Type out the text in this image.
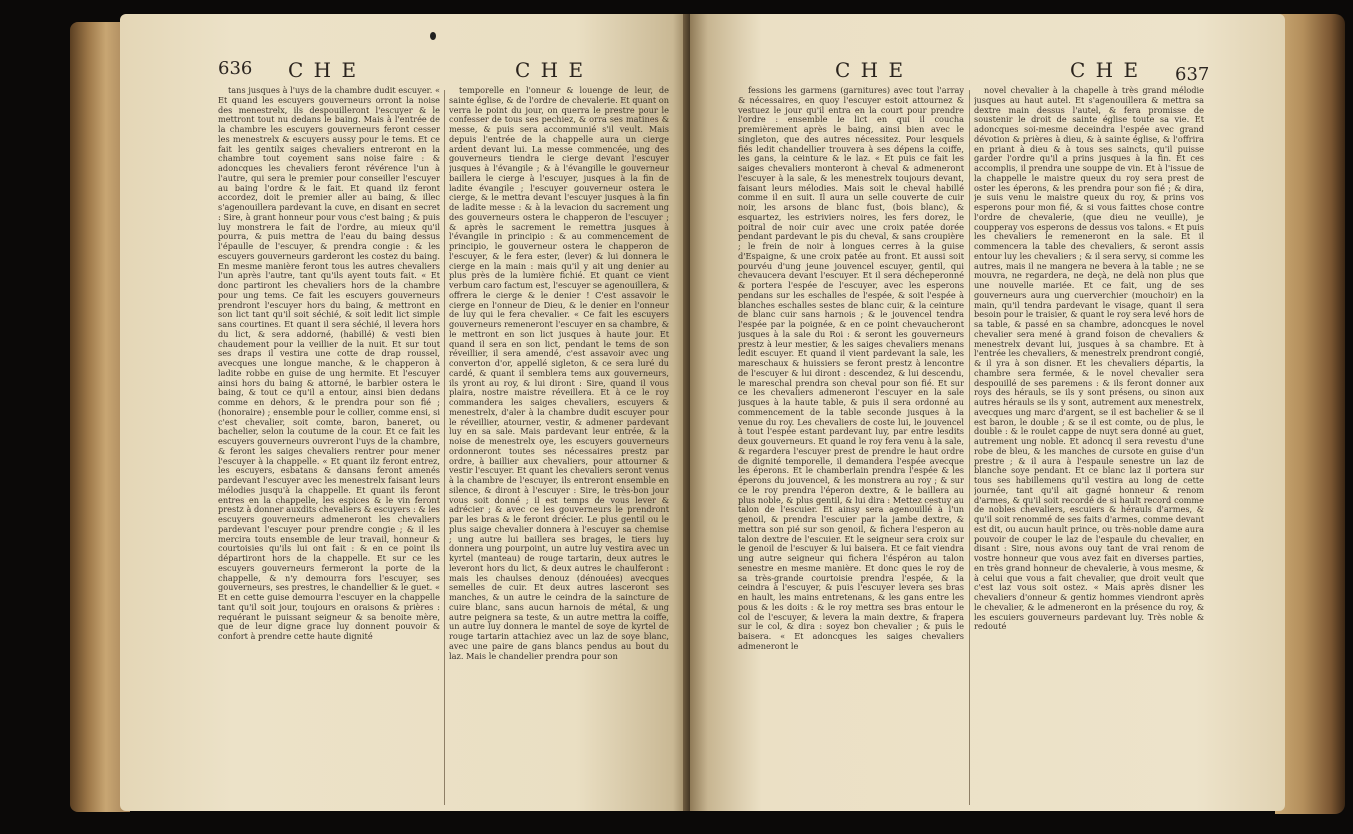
636 C H E	C H E

tans jusques à l'uys de la chambre dudit escuyer. « Et quand les escuyers gouverneurs orront la noise des menestrelx, ils despouilleront l'escuyer & le mettront tout nu dedans le baing. Mais à l'entrée de la chambre les escuyers gouverneurs feront cesser les menestrelx & escuyers aussy pour le tems. Et ce fait les gentilx saiges chevaliers entreront en la chambre tout coyement sans noise faire : & adoncques les chevaliers feront révérence l'un à l'autre, qui sera le premier pour conseiller l'escuyer au baing l'ordre & le fait. Et quand ilz feront accordez, doit le premier aller au baing, & illec s'agenouillera pardevant la cuve, en disant en secret : Sire, à grant honneur pour vous c'est baing ; & puis luy monstrera le fait de l'ordre, au mieux qu'il pourra, & puis mettra de l'eau du baing dessus l'épaulle de l'escuyer, & prendra congie : & les escuyers gouverneurs garderont les costez du baing. En mesme manière feront tous les autres chevaliers l'un après l'autre, tant qu'ils ayent touts fait. « Et donc partiront les chevaliers hors de la chambre pour ung tems. Ce fait les escuyers gouverneurs prendront l'escuyer hors du baing, & mettront en son lict tant qu'il soit séchié, & soit ledit lict simple sans courtines. Et quant il sera séchié, il levera hors du lict, & sera addorné, (habillé) & vesti bien chaudement pour la veillier de la nuit. Et sur tout ses draps il vestira une cotte de drap roussel, avecques une longue manche, & le chapperon à ladite robbe en guise de ung hermite. Et l'escuyer ainsi hors du baing & attorné, le barbier ostera le baing, & tout ce qu'il a entour, ainsi bien dedans comme en dehors, & le prendra pour son fié ; (honoraire) ; ensemble pour le collier, comme ensi, si c'est chevalier, soit comte, baron, baneret, ou bachelier, selon la coutume de la cour. Et ce fait les escuyers gouverneurs ouvreront l'uys de la chambre, & feront les saiges chevaliers rentrer pour mener l'escuyer à la chappelle. « Et quant ilz feront entrez, les escuyers, esbatans & dansans feront amenés pardevant l'escuyer avec les menestrelx faisant leurs mélodies jusqu'à la chappelle. Et quant ils feront entres en la chappelle, les espices & le vin feront prestz à donner auxdits chevaliers & escuyers : & les escuyers gouverneurs admeneront les chevaliers pardevant l'escuyer pour prendre congie ; & il les mercira touts ensemble de leur travail, honneur & courtoisies qu'ils lui ont fait : & en ce point ils départiront hors de la chappelle. Et sur ce les escuyers gouverneurs fermeront la porte de la chappelle, & n'y demourra fors l'escuyer, ses gouverneurs, ses prestres, le chandellier & le guet. « Et en cette guise demourra l'escuyer en la chappelle tant qu'il soit jour, toujours en oraisons & prières : requérant le puissant seigneur & sa benoite mère, que de leur digne grace luy donnent pouvoir & confort à prendre cette haute dignité

temporelle en l'onneur & louenge de leur, de sainte église, & de l'ordre de chevalerie. Et quant on verra le point du jour, on querra le prestre pour le confesser de tous ses pechiez, & orra ses matines & messe, & puis sera accommunié s'il veult. Mais depuis l'entrée de la chappelle aura un cierge ardent devant lui. La messe commencée, ung des gouverneurs tiendra le cierge devant l'escuyer jusques à l'évangile ; & à l'évangille le gouverneur baillera le cierge à l'escuyer, jusques à la fin de ladite évangile ; l'escuyer gouverneur ostera le cierge, & le mettra devant l'escuyer jusques à la fin de ladite messe : & à la levacion du sacrement ung des gouverneurs ostera le chapperon de l'escuyer ; & après le sacrement le remettra jusques à l'évangile in principio : & au commencement de principio, le gouverneur ostera le chapperon de l'escuyer, & le fera ester, (lever) & lui donnera le cierge en la main : mais qu'il y ait ung denier au plus près de la lumière fichié. Et quant ce vient verbum caro factum est, l'escuyer se agenouillera, & offrera le cierge & le denier ! C'est assavoir le cierge en l'onneur de Dieu, & le denier en l'onneur de luy qui le fera chevalier. « Ce fait les escuyers gouverneurs remeneront l'escuyer en sa chambre, & le mettront en son lict jusques à haute jour. Et quand il sera en son lict, pendant le tems de son réveillier, il sera amendé, c'est assavoir avec ung converton d'or, appellé sigleton, & ce sera luré du cardé, & quant il semblera tems aux gouverneurs, ils yront au roy, & lui diront : Sire, quand il vous plaira, nostre maistre réveillera. Et à ce le roy commandera les saiges chevaliers, escuyers & menestrelx, d'aler à la chambre dudit escuyer pour le réveillier, atourner, vestir, & admener pardevant luy en sa sale. Mais pardevant leur entrée, & la noise de menestrelx oye, les escuyers gouverneurs ordonneront toutes ses nécessaires prestz par ordre, à baillier aux chevaliers, pour attourner & vestir l'escuyer. Et quant les chevaliers seront venus à la chambre de l'escuyer, ils entreront ensemble en silence, & diront à l'escuyer : Sire, le très-bon jour vous soit donné ; il est temps de vous lever & adrécier ; & avec ce les gouverneurs le prendront par les bras & le feront drécier. Le plus gentil ou le plus saige chevalier donnera à l'escuyer sa chemise ; ung autre lui baillera ses brages, le tiers luy donnera ung pourpoint, un autre luy vestira avec un kyrtel (manteau) de rouge tartarin, deux autres le leveront hors du lict, & deux autres le chaulferont : mais les chaulses denouz (dénouées) avecques semelles de cuir. Et deux autres lasceront ses manches, & un autre le ceindra de la saincture de cuire blanc, sans aucun harnois de métal, & ung autre peignera sa teste, & un autre mettra la coiffe, un autre luy donnera le mantel de soye de kyrtel de rouge tartarin attachiez avec un laz de soye blanc, avec une paire de gans blancs pendus au bout du laz. Mais le chandelier prendra pour son

C H E	C H E 637

fessions les garmens (garnitures) avec tout l'array & nécessaires, en quoy l'escuyer estoit attournez & vestuez le jour qu'il entra en la court pour prendre l'ordre : ensemble le lict en qui il coucha premièrement après le baing, ainsi bien avec le singleton, que des autres nécessitez. Pour lesquels fiés ledit chandellier trouvera à ses dépens la coiffe, les gans, la ceinture & le laz. « Et puis ce fait les saiges chevaliers monteront à cheval & admeneront l'escuyer à la sale, & les menestrelx toujours devant, faisant leurs mélodies. Mais soit le cheval habillé comme il en suit. Il aura un selle couverte de cuir noir, les arsons de blanc fust, (bois blanc), & esquartez, les estriviers noires, les fers dorez, le poitral de noir cuir avec une croix patée dorée pendant pardevant le pis du cheval, & sans croupière ; le frein de noir à longues cerres à la guise d'Espaigne, & une croix patée au front. Et aussi soit pourvéu d'ung jeune jouvencel escuyer, gentil, qui chevaucera devant l'escuyer. Et il sera décheperonné & portera l'espée de l'escuyer, avec les esperons pendans sur les eschalles de l'espée, & soit l'espée à blanches eschalles sestes de blanc cuir, & la ceinture de blanc cuir sans harnois ; & le jouvencel tendra l'espée par la poignée, & en ce point chevaucheront jusques à la sale du Roi : & seront les gouverneurs prestz à leur mestier, & les saiges chevaliers menans ledit escuyer. Et quand il vient pardevant la sale, les mareschaux & huissiers se feront prestz à lencontre de l'escuyer & lui diront : descendez, & lui descendu, le mareschal prendra son cheval pour son fié. Et sur ce les chevaliers admeneront l'escuyer en la sale jusques à la haute table, & puis il sera ordonné au commencement de la table seconde jusques à la venue du roy. Les chevaliers de coste lui, le jouvencel à tout l'espée estant pardevant luy, par entre lesdits deux gouverneurs. Et quand le roy fera venu à la sale, & regardera l'escuyer prest de prendre le haut ordre de dignité temporelle, il demandera l'espée avecque les éperons. Et le chamberlain prendra l'espée & les éperons du jouvencel, & les monstrera au roy ; & sur ce le roy prendra l'éperon dextre, & le baillera au plus noble, & plus gentil, & lui dira : Mettez cestuy au talon de l'escuier. Et ainsy sera agenouillé à l'un genoil, & prendra l'escuier par la jambe dextre, & mettra son pié sur son genoil, & fichera l'esperon au talon dextre de l'escuier. Et le seigneur sera croix sur le genoil de l'escuyer & lui baisera. Et ce fait viendra ung autre seigneur qui fichera l'éspéron au talon senestre en mesme manière. Et donc ques le roy de sa très-grande courtoisie prendra l'espée, & la ceindra à l'escuyer, & puis l'escuyer levera ses bras en hault, les mains entretenans, & les gans entre les pous & les doits : & le roy mettra ses bras entour le col de l'escuyer, & levera la main dextre, & frapera sur le col, & dira : soyez bon chevalier ; & puis le baisera. « Et adoncques les saiges chevaliers admeneront le

novel chevalier à la chapelle à très grand mélodie jusques au haut autel. Et s'agenouillera & mettra sa dextre main dessus l'autel, & fera promisse de soustenir le droit de sainte église toute sa vie. Et adoncques soi-mesme deceindra l'espée avec grand dévotion & prières à dieu, & à sainte église, & l'offrira en priant à dieu & à tous ses saincts, qu'il puisse garder l'ordre qu'il a prins jusques à la fin. Et ces accomplis, il prendra une souppe de vin. Et à l'issue de la chappelle le maistre queux du roy sera prest de oster les éperons, & les prendra pour son fié ; & dira, je suis venu le maistre queux du roy, & prins vos esperons pour mon fié, & si vous faittes chose contre l'ordre de chevalerie, (que dieu ne veuille), je coupperay vos esperons de dessus vos talons. « Et puis les chevaliers le remeneront en la sale. Et il commencera la table des chevaliers, & seront assis entour luy les chevaliers ; & il sera servy, si comme les autres, mais il ne mangera ne bevera à la table ; ne se mouvra, ne regardera, ne deçà, ne delà non plus que une nouvelle mariée. Et ce fait, ung de ses gouverneurs aura ung cuerverchier (mouchoir) en la main, qu'il tendra pardevant le visage, quant il sera besoin pour le traisier, & quant le roy sera levé hors de sa table, & passé en sa chambre, adoncques le novel chevalier sera mené à grand foison de chevaliers & menestrelx devant lui, jusques à sa chambre. Et à l'entrée les chevaliers, & menestrelx prendront congié, & il yra à son disner. Et les chevaliers départis, la chambre sera fermée, & le novel chevalier sera despouillé de ses paremens : & ils feront donner aux roys des hérauls, se ils y sont présens, ou sinon aux autres hérauls se ils y sont, autrement aux menestrelx, avecques ung marc d'argent, se il est bachelier & se il est baron, le double ; & se il est comte, ou de plus, le double : & le roulet cappe de nuyt sera donné au guet, autrement ung noble. Et adoncq il sera revestu d'une robe de bleu, & les manches de cursote en guise d'un prestre ; & il aura à l'espaule senestre un laz de blanche soye pendant. Et ce blanc laz il portera sur tous ses habillemens qu'il vestira au long de cette journée, tant qu'il ait gagné honneur & renom d'armes, & qu'il soit recordé de si hault record comme de nobles chevaliers, escuiers & hérauls d'armes, & qu'il soit renommé de ses faits d'armes, comme devant est dit, ou aucun hault prince, ou très-noble dame aura pouvoir de couper le laz de l'espaule du chevalier, en disant : Sire, nous avons ouy tant de vrai renom de vostre honneur que vous avez fait en diverses parties, en très grand honneur de chevalerie, à vous mesme, & à celui que vous a fait chevalier, que droit veult que c'est laz vous soit ostez. « Mais après disner les chevaliers d'onneur & gentiz hommes viendront après le chevalier, & le admeneront en la présence du roy, & les escuiers gouverneurs pardevant luy. Très noble & redouté
